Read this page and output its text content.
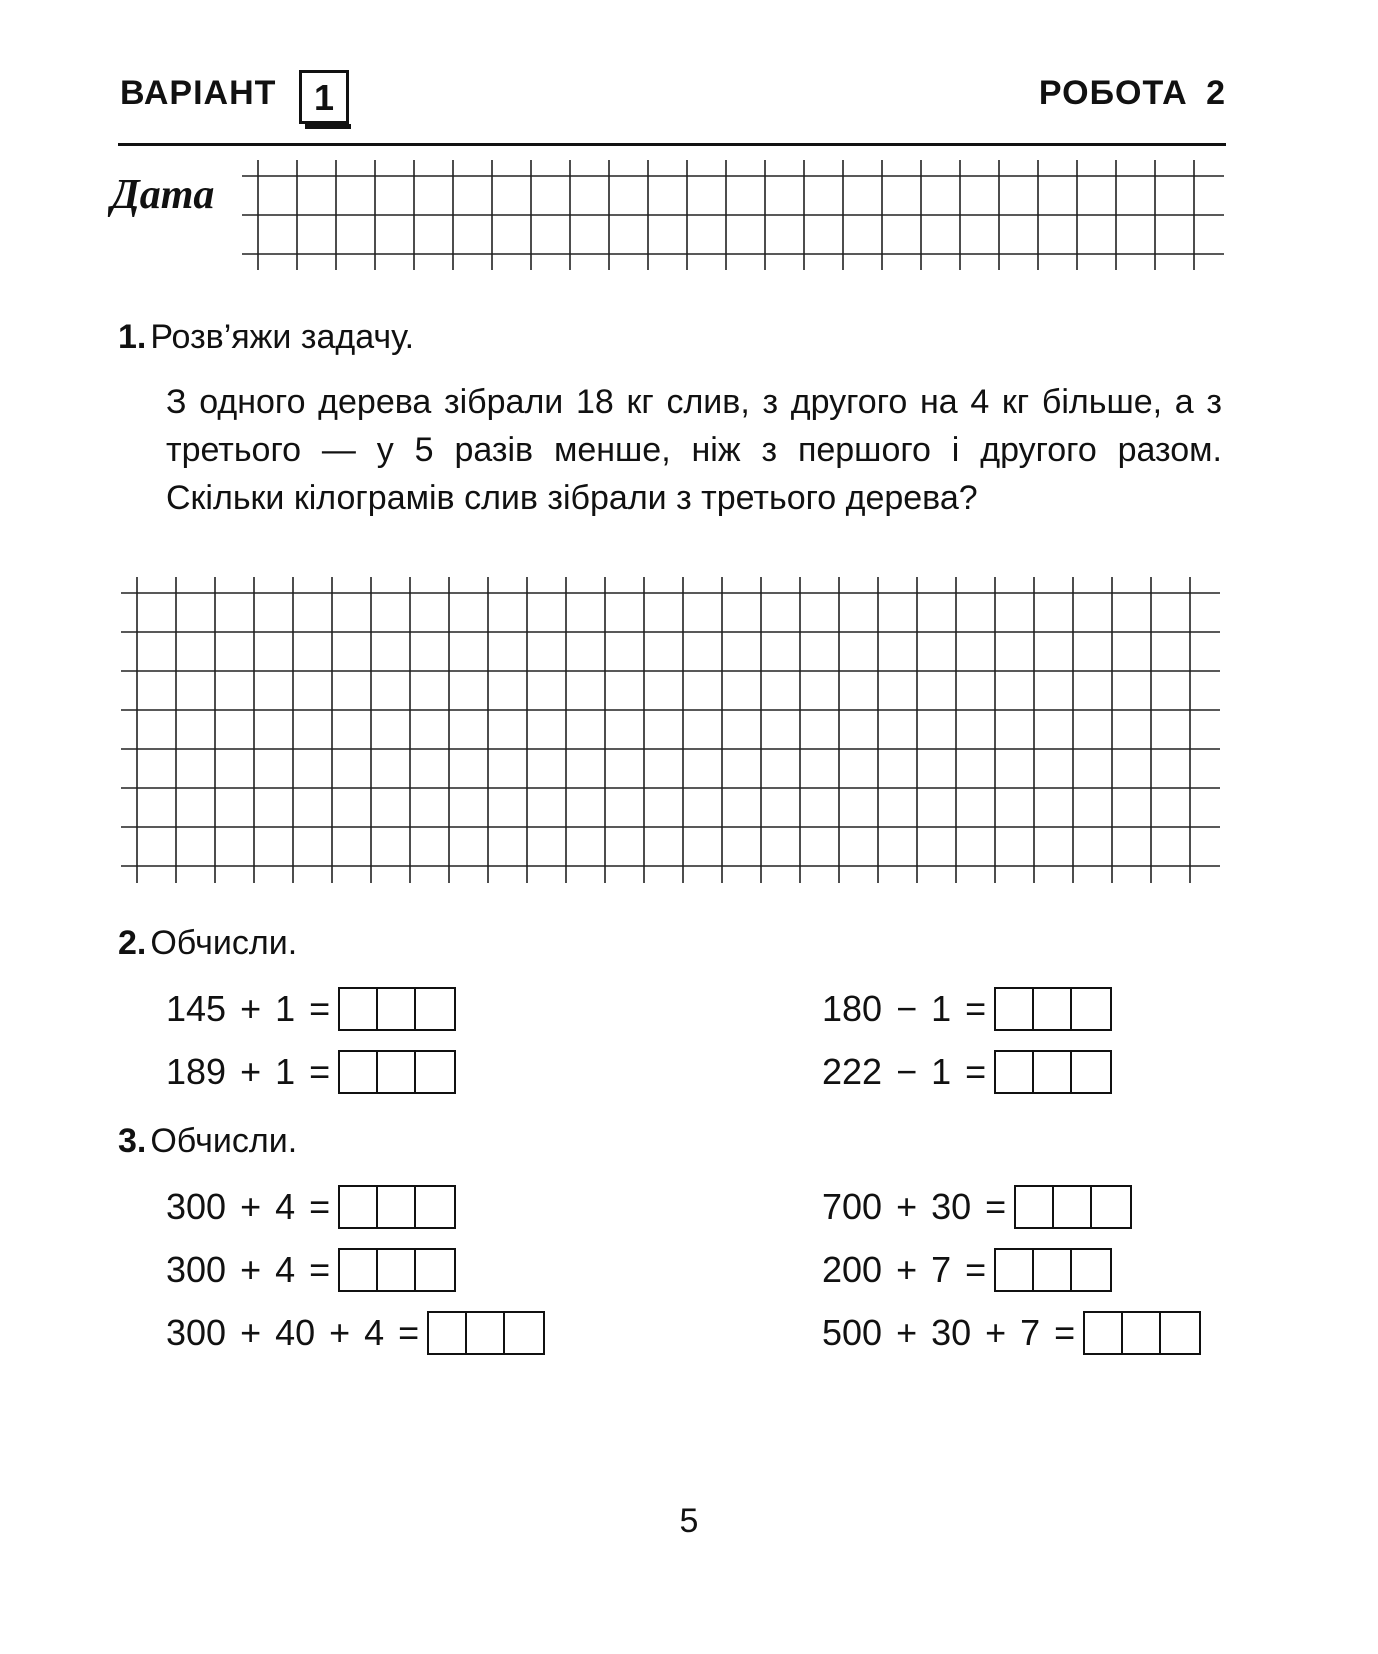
ВАРІАНТ	1	РОБОТА 2
Дата
1. Розв’яжи задачу.
З одного дерева зібрали 18 кг слив, з другого на 4 кг більше, а з третього — у 5 разів менше, ніж з першого і другого разом. Скільки кілограмів слив зібрали з третього дерева?
2. Обчисли.
145 + 1 =
189 + 1 =
180 − 1 =
222 − 1 =
3. Обчисли.
300 + 4 =
300 + 4 =
300 + 40 + 4 =
700 + 30 =
200 + 7 =
500 + 30 + 7 =
5
